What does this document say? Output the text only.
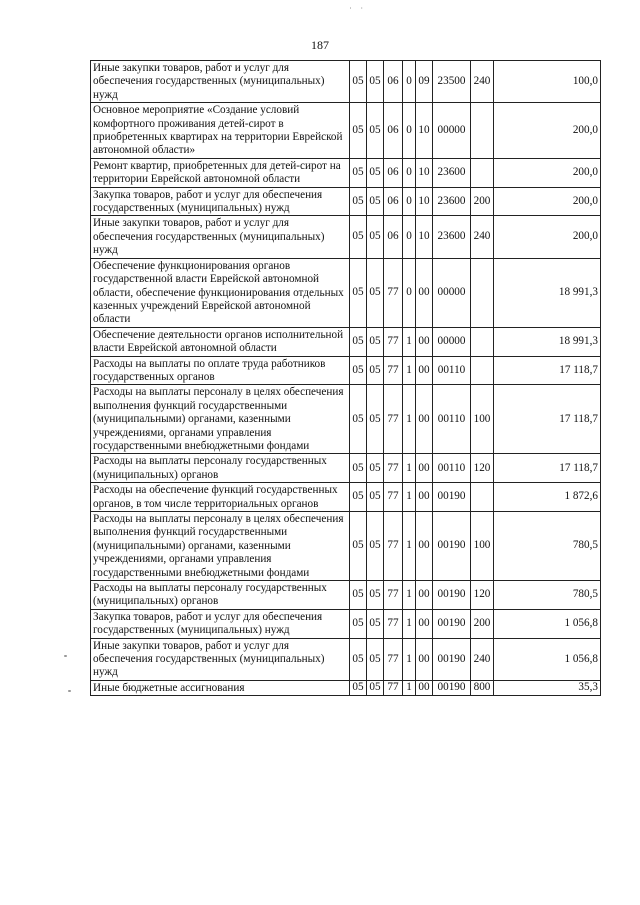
˙ ˙
187
Иные закупки товаров, работ и услуг для обеспечения государственных (муниципальных) нужд	05	05	06	0	09	23500	240	100,0
Основное мероприятие «Создание условий комфортного проживания детей-сирот в приобретенных квартирах на территории Еврейской автономной области»	05	05	06	0	10	00000		200,0
Ремонт квартир, приобретенных для детей-сирот на территории Еврейской автономной области	05	05	06	0	10	23600		200,0
Закупка товаров, работ и услуг для обеспечения государственных (муниципальных) нужд	05	05	06	0	10	23600	200	200,0
Иные закупки товаров, работ и услуг для обеспечения государственных (муниципальных) нужд	05	05	06	0	10	23600	240	200,0
Обеспечение функционирования органов государственной власти Еврейской автономной области, обеспечение функционирования отдельных казенных учреждений Еврейской автономной области	05	05	77	0	00	00000		18 991,3
Обеспечение деятельности органов исполнительной власти Еврейской автономной области	05	05	77	1	00	00000		18 991,3
Расходы на выплаты по оплате труда работников государственных органов	05	05	77	1	00	00110		17 118,7
Расходы на выплаты персоналу в целях обеспечения выполнения функций государственными (муниципальными) органами, казенными учреждениями, органами управления государственными внебюджетными фондами	05	05	77	1	00	00110	100	17 118,7
Расходы на выплаты персоналу государственных (муниципальных) органов	05	05	77	1	00	00110	120	17 118,7
Расходы на обеспечение функций государственных органов, в том числе территориальных органов	05	05	77	1	00	00190		1 872,6
Расходы на выплаты персоналу в целях обеспечения выполнения функций государственными (муниципальными) органами, казенными учреждениями, органами управления государственными внебюджетными фондами	05	05	77	1	00	00190	100	780,5
Расходы на выплаты персоналу государственных (муниципальных) органов	05	05	77	1	00	00190	120	780,5
Закупка товаров, работ и услуг для обеспечения государственных (муниципальных) нужд	05	05	77	1	00	00190	200	1 056,8
Иные закупки товаров, работ и услуг для обеспечения государственных (муниципальных) нужд	05	05	77	1	00	00190	240	1 056,8
Иные бюджетные ассигнования	05	05	77	1	00	00190	800	35,3
